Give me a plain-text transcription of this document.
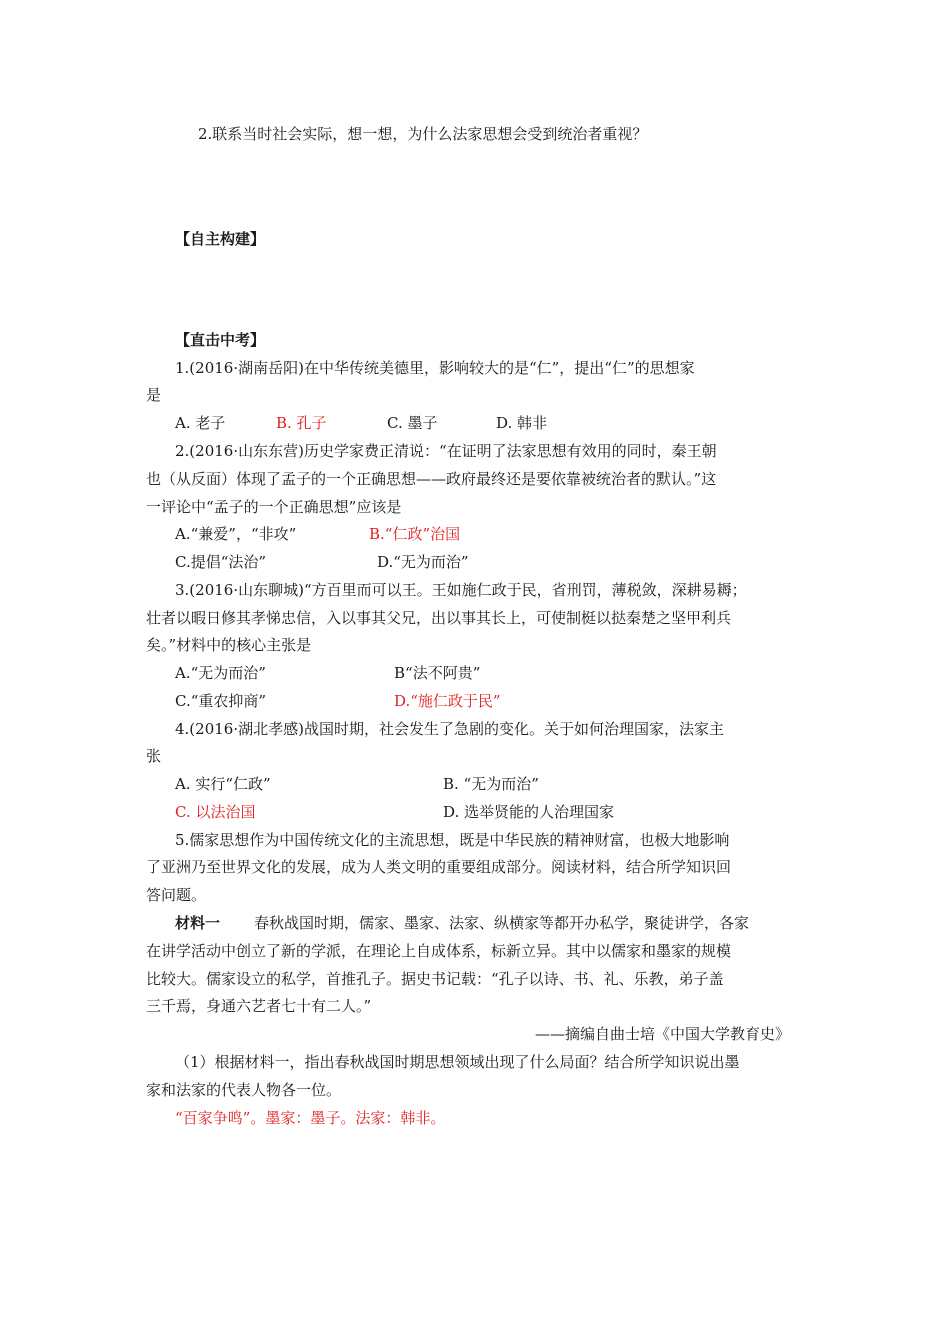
2.联系当时社会实际，想一想，为什么法家思想会受到统治者重视？
【自主构建】
【直击中考】
1.(2016·湖南岳阳)在中华传统美德里，影响较大的是“仁”，提出“仁”的思想家
是
A. 老子	B. 孔子	C. 墨子	D. 韩非
2.(2016·山东东营)历史学家费正清说：“在证明了法家思想有效用的同时，秦王朝
也（从反面）体现了孟子的一个正确思想——政府最终还是要依靠被统治者的默认。”这
一评论中“孟子的一个正确思想”应该是
A.“兼爱”，“非攻”	B.“仁政”治国
C.提倡“法治”	D.“无为而治”
3.(2016·山东聊城)“方百里而可以王。王如施仁政于民，省刑罚，薄税敛，深耕易耨；
壮者以暇日修其孝悌忠信，入以事其父兄，出以事其长上，可使制梃以挞秦楚之坚甲利兵
矣。”材料中的核心主张是
A.“无为而治”	B“法不阿贵”
C.“重农抑商”	D.“施仁政于民”
4.(2016·湖北孝感)战国时期，社会发生了急剧的变化。关于如何治理国家，法家主
张
A. 实行“仁政”	B. “无为而治”
C. 以法治国	D. 选举贤能的人治理国家
5.儒家思想作为中国传统文化的主流思想，既是中华民族的精神财富，也极大地影响
了亚洲乃至世界文化的发展，成为人类文明的重要组成部分。阅读材料，结合所学知识回
答问题。
材料一 春秋战国时期，儒家、墨家、法家、纵横家等都开办私学，聚徒讲学，各家
在讲学活动中创立了新的学派，在理论上自成体系，标新立异。其中以儒家和墨家的规模
比较大。儒家设立的私学，首推孔子。据史书记载：“孔子以诗、书、礼、乐教，弟子盖
三千焉，身通六艺者七十有二人。”
——摘编自曲士培《中国大学教育史》
（1）根据材料一，指出春秋战国时期思想领域出现了什么局面？结合所学知识说出墨
家和法家的代表人物各一位。
“百家争鸣”。墨家：墨子。法家：韩非。
